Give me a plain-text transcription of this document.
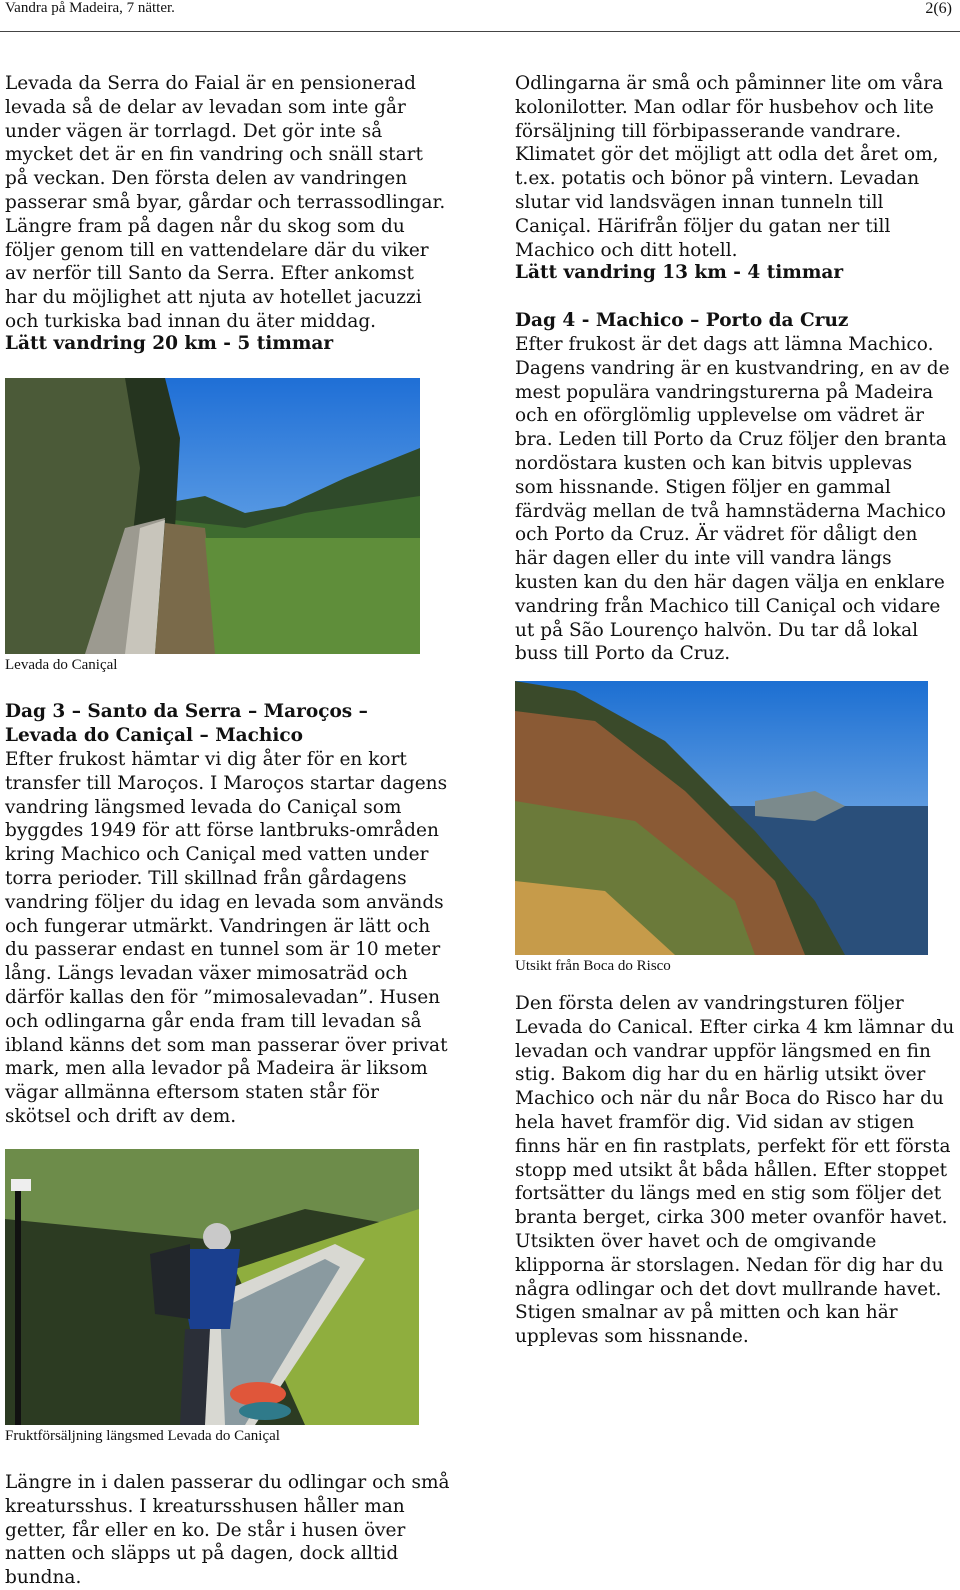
Vandra på Madeira, 7 nätter.	2(6)

Levada da Serra do Faial är en pensionerad levada så de delar av levadan som inte går under vägen är torrlagd. Det gör inte så mycket det är en fin vandring och snäll start på veckan. Den första delen av vandringen passerar små byar, gårdar och terrassodlingar. Längre fram på dagen når du skog som du följer genom till en vattendelare där du viker av nerför till Santo da Serra. Efter ankomst har du möjlighet att njuta av hotellet jacuzzi och turkiska bad innan du äter middag.

Lätt vandring 20 km - 5 timmar

Levada do Caniçal

Dag 3 – Santo da Serra – Maroços – Levada do Caniçal – Machico

Efter frukost hämtar vi dig åter för en kort transfer till Maroços. I Maroços startar dagens vandring längsmed levada do Caniçal som byggdes 1949 för att förse lantbruks-områden kring Machico och Caniçal med vatten under torra perioder. Till skillnad från gårdagens vandring följer du idag en levada som används och fungerar utmärkt. Vandringen är lätt och du passerar endast en tunnel som är 10 meter lång. Längs levadan växer mimosaträd och därför kallas den för ”mimosalevadan”. Husen och odlingarna går enda fram till levadan så ibland känns det som man passerar över privat mark, men alla levador på Madeira är liksom vägar allmänna eftersom staten står för skötsel och drift av dem.

Fruktförsäljning längsmed Levada do Caniçal

Längre in i dalen passerar du odlingar och små kreatursshus. I kreatursshusen håller man getter, får eller en ko. De står i husen över natten och släpps ut på dagen, dock alltid bundna.

Odlingarna är små och påminner lite om våra kolonilotter. Man odlar för husbehov och lite försäljning till förbipasserande vandrare. Klimatet gör det möjligt att odla det året om, t.ex. potatis och bönor på vintern. Levadan slutar vid landsvägen innan tunneln till Caniçal. Härifrån följer du gatan ner till Machico och ditt hotell.

Lätt vandring 13 km - 4 timmar

Dag 4 - Machico – Porto da Cruz

Efter frukost är det dags att lämna Machico. Dagens vandring är en kustvandring, en av de mest populära vandringsturerna på Madeira och en oförglömlig upplevelse om vädret är bra. Leden till Porto da Cruz följer den branta nordöstara kusten och kan bitvis upplevas som hissnande. Stigen följer en gammal färdväg mellan de två hamnstäderna Machico och Porto da Cruz. Är vädret för dåligt den här dagen eller du inte vill vandra längs kusten kan du den här dagen välja en enklare vandring från Machico till Caniçal och vidare ut på São Lourenço halvön. Du tar då lokal buss till Porto da Cruz.

Utsikt från Boca do Risco

Den första delen av vandringsturen följer Levada do Canical. Efter cirka 4 km lämnar du levadan och vandrar uppför längsmed en fin stig. Bakom dig har du en härlig utsikt över Machico och när du når Boca do Risco har du hela havet framför dig. Vid sidan av stigen finns här en fin rastplats, perfekt för ett första stopp med utsikt åt båda hållen. Efter stoppet fortsätter du längs med en stig som följer det branta berget, cirka 300 meter ovanför havet. Utsikten över havet och de omgivande klipporna är storslagen. Nedan för dig har du några odlingar och det dovt mullrande havet. Stigen smalnar av på mitten och kan här upplevas som hissnande.
